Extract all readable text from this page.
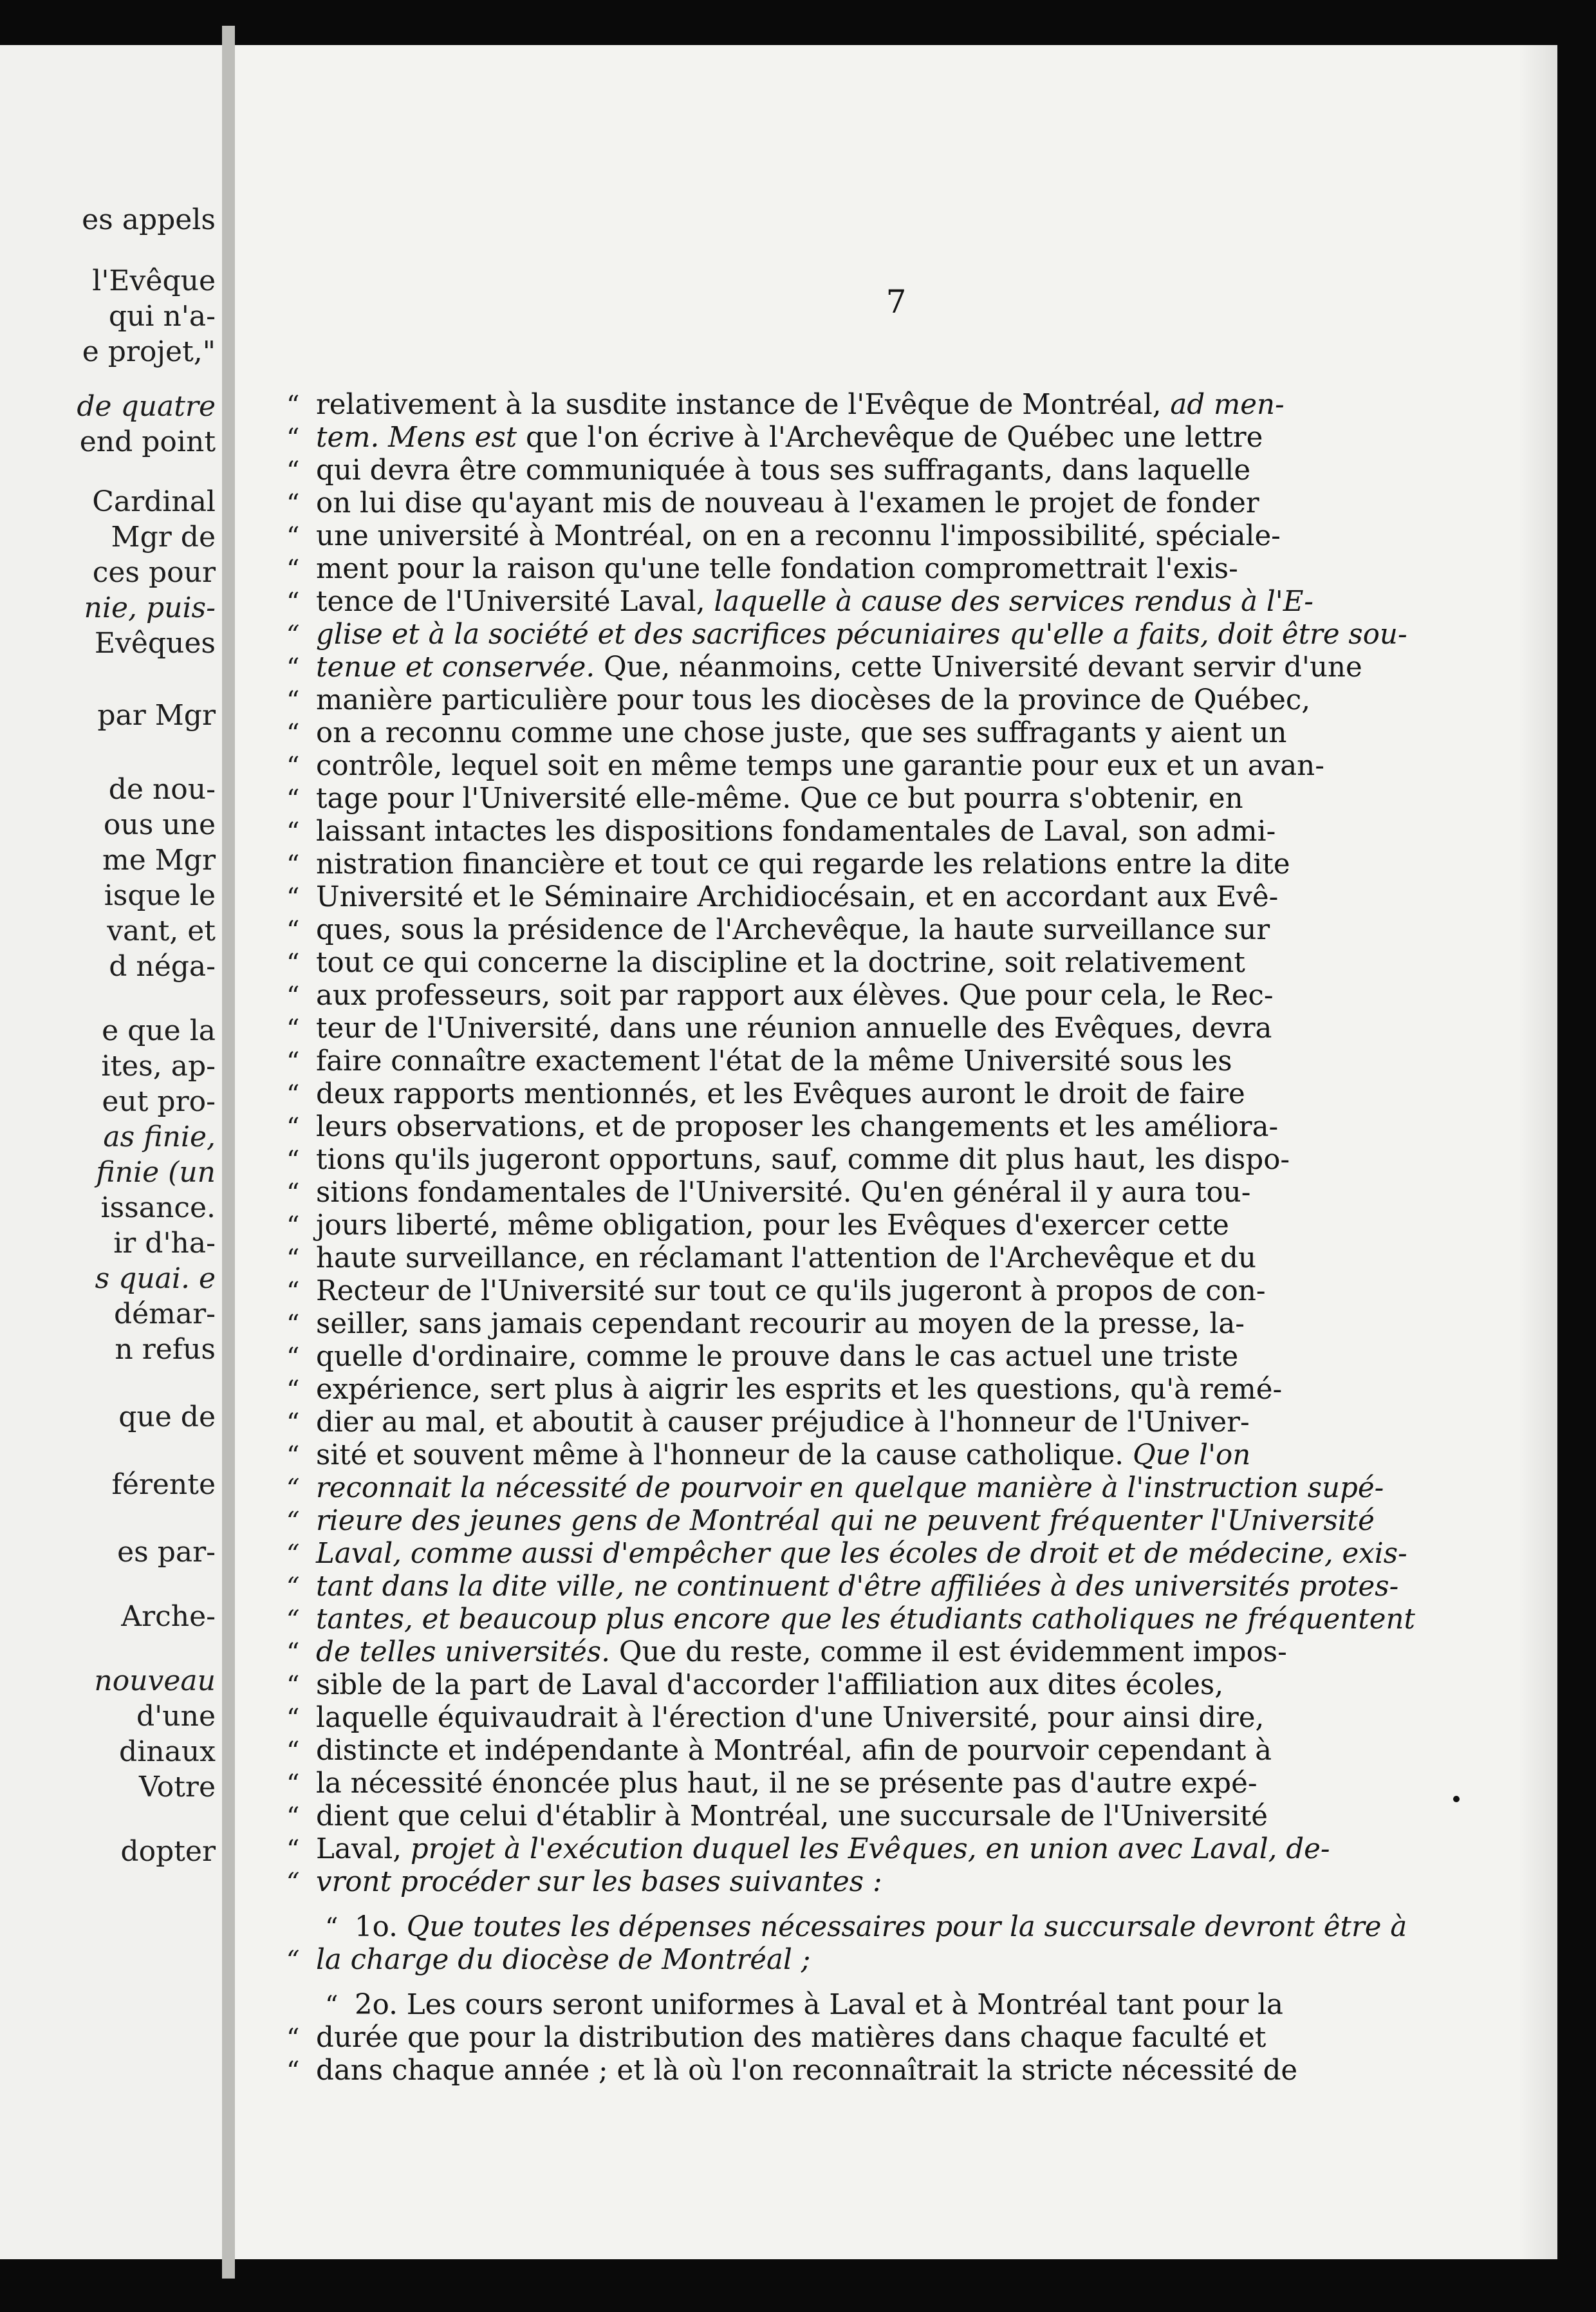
es appels
l'Evêque
qui n'a-
e projet,"
de quatre
end point
Cardinal
Mgr de
ces pour
nie, puis-
Evêques
par Mgr
de nou-
ous une
me Mgr
isque le
vant, et
d néga-
e que la
ites, ap-
eut pro-
as finie,
finie (un
issance.
ir d'ha-
s quai. e
démar-
n refus
que de
férente
es par-
Arche-
nouveau
d'une
dinaux
Votre
dopter
7
“ relativement à la susdite instance de l'Evêque de Montréal, ad men-
“ tem. Mens est que l'on écrive à l'Archevêque de Québec une lettre
“ qui devra être communiquée à tous ses suffragants, dans laquelle
“ on lui dise qu'ayant mis de nouveau à l'examen le projet de fonder
“ une université à Montréal, on en a reconnu l'impossibilité, spéciale-
“ ment pour la raison qu'une telle fondation compromettrait l'exis-
“ tence de l'Université Laval, laquelle à cause des services rendus à l'E-
“ glise et à la société et des sacrifices pécuniaires qu'elle a faits, doit être sou-
“ tenue et conservée. Que, néanmoins, cette Université devant servir d'une
“ manière particulière pour tous les diocèses de la province de Québec,
“ on a reconnu comme une chose juste, que ses suffragants y aient un
“ contrôle, lequel soit en même temps une garantie pour eux et un avan-
“ tage pour l'Université elle-même. Que ce but pourra s'obtenir, en
“ laissant intactes les dispositions fondamentales de Laval, son admi-
“ nistration financière et tout ce qui regarde les relations entre la dite
“ Université et le Séminaire Archidiocésain, et en accordant aux Evê-
“ ques, sous la présidence de l'Archevêque, la haute surveillance sur
“ tout ce qui concerne la discipline et la doctrine, soit relativement
“ aux professeurs, soit par rapport aux élèves. Que pour cela, le Rec-
“ teur de l'Université, dans une réunion annuelle des Evêques, devra
“ faire connaître exactement l'état de la même Université sous les
“ deux rapports mentionnés, et les Evêques auront le droit de faire
“ leurs observations, et de proposer les changements et les améliora-
“ tions qu'ils jugeront opportuns, sauf, comme dit plus haut, les dispo-
“ sitions fondamentales de l'Université. Qu'en général il y aura tou-
“ jours liberté, même obligation, pour les Evêques d'exercer cette
“ haute surveillance, en réclamant l'attention de l'Archevêque et du
“ Recteur de l'Université sur tout ce qu'ils jugeront à propos de con-
“ seiller, sans jamais cependant recourir au moyen de la presse, la-
“ quelle d'ordinaire, comme le prouve dans le cas actuel une triste
“ expérience, sert plus à aigrir les esprits et les questions, qu'à remé-
“ dier au mal, et aboutit à causer préjudice à l'honneur de l'Univer-
“ sité et souvent même à l'honneur de la cause catholique. Que l'on
“ reconnait la nécessité de pourvoir en quelque manière à l'instruction supé-
“ rieure des jeunes gens de Montréal qui ne peuvent fréquenter l'Université
“ Laval, comme aussi d'empêcher que les écoles de droit et de médecine, exis-
“ tant dans la dite ville, ne continuent d'être affiliées à des universités protes-
“ tantes, et beaucoup plus encore que les étudiants catholiques ne fréquentent
“ de telles universités. Que du reste, comme il est évidemment impos-
“ sible de la part de Laval d'accorder l'affiliation aux dites écoles,
“ laquelle équivaudrait à l'érection d'une Université, pour ainsi dire,
“ distincte et indépendante à Montréal, afin de pourvoir cependant à
“ la nécessité énoncée plus haut, il ne se présente pas d'autre expé-
“ dient que celui d'établir à Montréal, une succursale de l'Université
“ Laval, projet à l'exécution duquel les Evêques, en union avec Laval, de-
“ vront procéder sur les bases suivantes :
“ 1o. Que toutes les dépenses nécessaires pour la succursale devront être à
“ la charge du diocèse de Montréal ;
“ 2o. Les cours seront uniformes à Laval et à Montréal tant pour la
“ durée que pour la distribution des matières dans chaque faculté et
“ dans chaque année ; et là où l'on reconnaîtrait la stricte nécessité de
